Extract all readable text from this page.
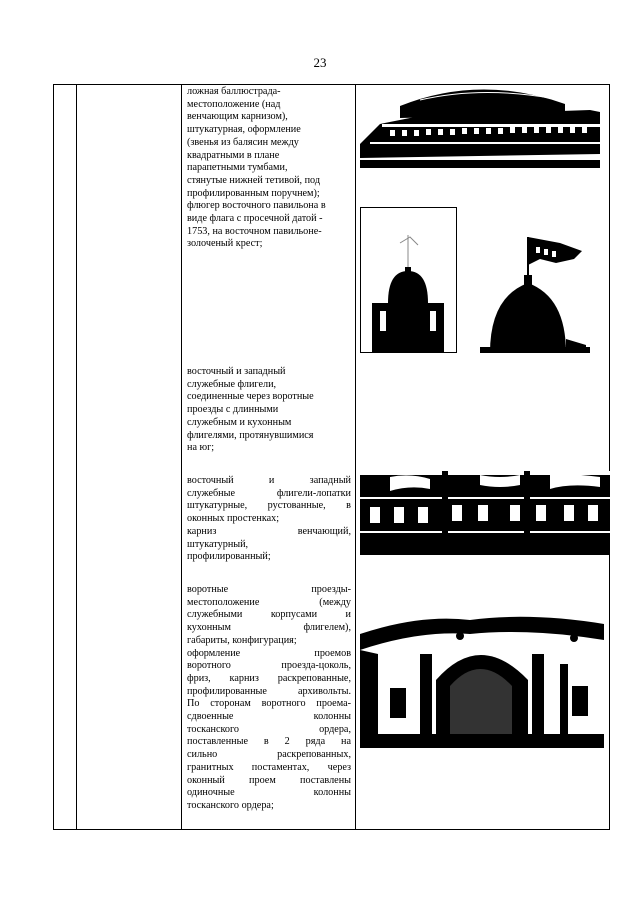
23

ложная баллюстрада-

местоположение (над

венчающим карнизом),

штукатурная, оформление

(звенья из балясин между

квадратными в плане

парапетными тумбами,

стянутые нижней тетивой, под

профилированным поручнем);

флюгер восточного павильона в

виде флага с просечной датой -

1753, на восточном павильоне-

золоченый крест;

восточный и западный

служебные флигели,

соединенные через воротные

проезды с длинными

служебным и кухонным

флигелями, протянувшимися

на юг;

восточный и западный

служебные флигели-лопатки

штукатурные, рустованные, в

оконных простенках;

карниз венчающий,

штукатурный,

профилированный;

воротные проезды-

местоположение (между

служебными корпусами и

кухонным флигелем),

габариты, конфигурация;

оформление проемов

воротного проезда-цоколь,

фриз, карниз раскрепованные,

профилированные архивольты.

По сторонам воротного проема-

сдвоенные колонны

тосканского ордера,

поставленные в 2 ряда на

сильно раскрепованных,

гранитных постаментах, через

оконный проем поставлены

одиночные колонны

тосканского ордера;
